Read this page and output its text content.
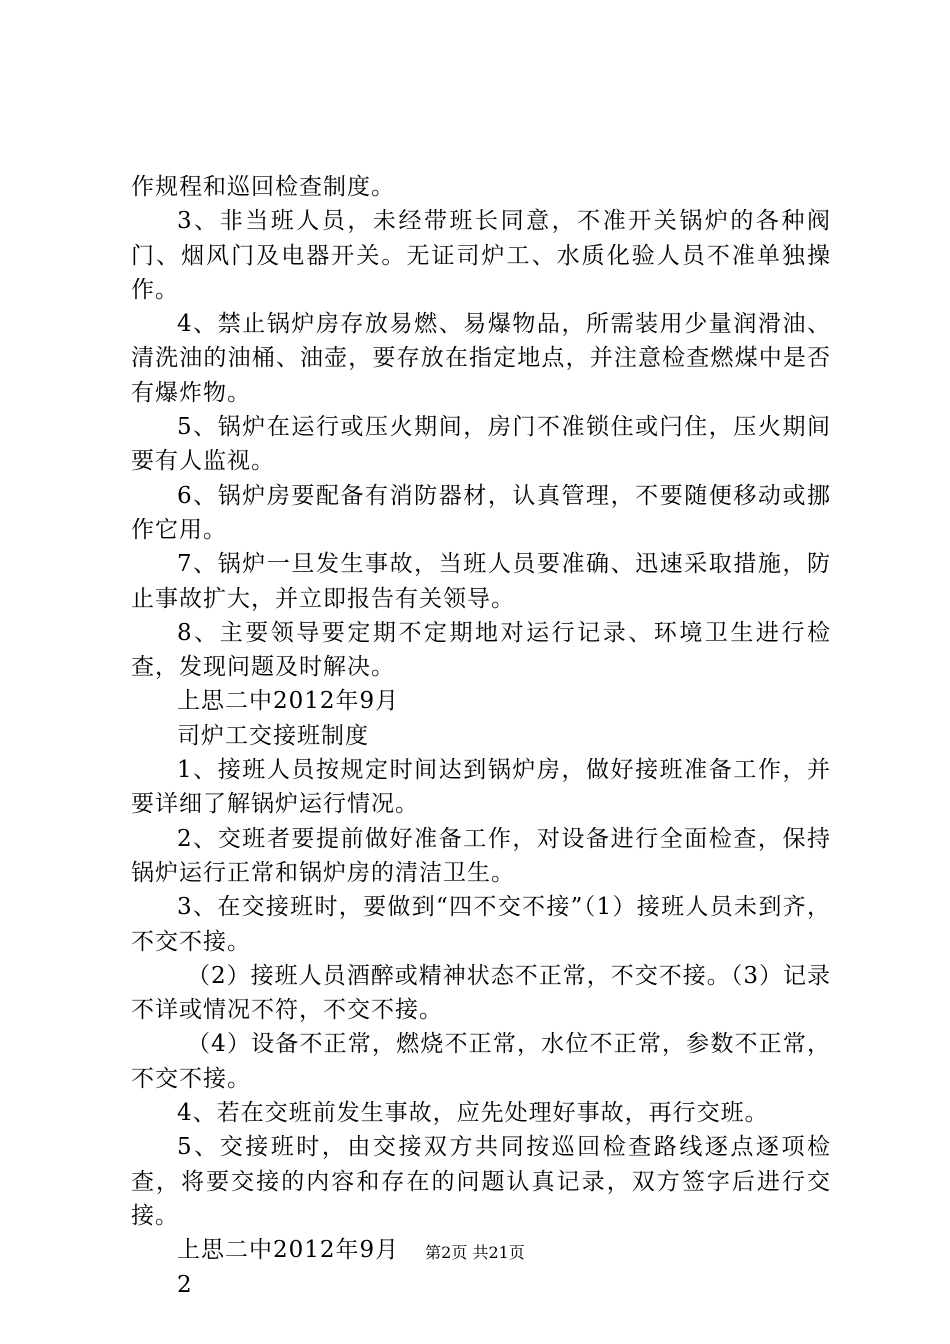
作规程和巡回检查制度。

3、非当班人员，未经带班长同意，不准开关锅炉的各种阀门、烟风门及电器开关。无证司炉工、水质化验人员不准单独操作。

4、禁止锅炉房存放易燃、易爆物品，所需装用少量润滑油、清洗油的油桶、油壶，要存放在指定地点，并注意检查燃煤中是否有爆炸物。

5、锅炉在运行或压火期间，房门不准锁住或闩住，压火期间要有人监视。

6、锅炉房要配备有消防器材，认真管理，不要随便移动或挪作它用。

7、锅炉一旦发生事故，当班人员要准确、迅速采取措施，防止事故扩大，并立即报告有关领导。

8、主要领导要定期不定期地对运行记录、环境卫生进行检查，发现问题及时解决。

上思二中2012年9月

司炉工交接班制度

1、接班人员按规定时间达到锅炉房，做好接班准备工作，并要详细了解锅炉运行情况。

2、交班者要提前做好准备工作，对设备进行全面检查，保持锅炉运行正常和锅炉房的清洁卫生。

3、在交接班时，要做到“四不交不接”（1）接班人员未到齐，不交不接。

（2）接班人员酒醉或精神状态不正常，不交不接。（3）记录不详或情况不符，不交不接。

（4）设备不正常，燃烧不正常，水位不正常，参数不正常，不交不接。

4、若在交班前发生事故，应先处理好事故，再行交班。

5、交接班时，由交接双方共同按巡回检查路线逐点逐项检查，将要交接的内容和存在的问题认真记录，双方签字后进行交接。

上思二中2012年9月

2

第2页 共21页
